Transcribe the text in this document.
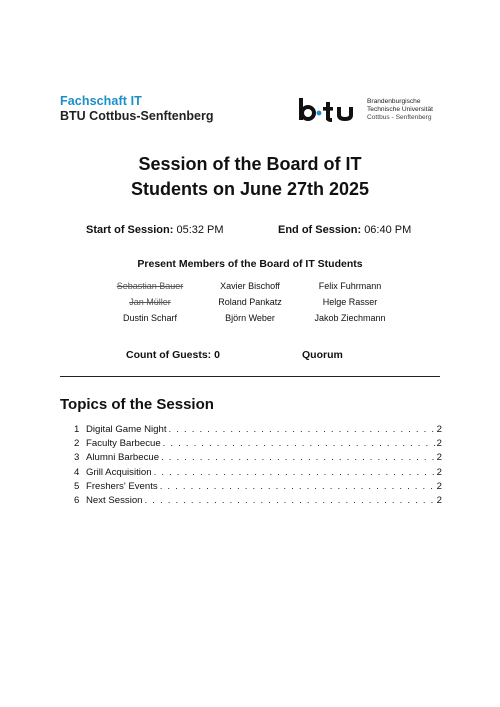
Fachschaft IT
BTU Cottbus-Senftenberg
Brandenburgische
Technische Universität
Cottbus - Senftenberg
Session of the Board of IT
Students on June 27th 2025
Start of Session: 05:32 PM	End of Session: 06:40 PM
Present Members of the Board of IT Students
Sebastian Bauer	Xavier Bischoff	Felix Fuhrmann
Jan Müller	Roland Pankatz	Helge Rasser
Dustin Scharf	Björn Weber	Jakob Ziechmann
Count of Guests: 0	Quorum
Topics of the Session
1 Digital Game Night . . .	2
2 Faculty Barbecue . . .	2
3 Alumni Barbecue . . .	2
4 Grill Acquisition . . .	2
5 Freshers' Events . . .	2
6 Next Session . . .	2
